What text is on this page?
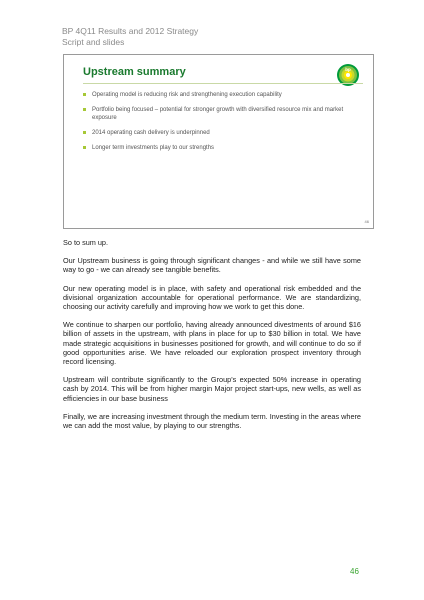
BP 4Q11 Results and 2012 Strategy
Script and slides
Upstream summary	bp
Operating model is reducing risk and strengthening execution capability
Portfolio being focused – potential for stronger growth with diversified resource mix and market exposure
2014 operating cash delivery is underpinned
Longer term investments play to our strengths
46

So to sum up.

Our Upstream business is going through significant changes - and while we still have some way to go - we can already see tangible benefits.

Our new operating model is in place, with safety and operational risk embedded and the divisional organization accountable for operational performance. We are standardizing, choosing our activity carefully and improving how we work to get this done.

We continue to sharpen our portfolio, having already announced divestments of around $16 billion of assets in the upstream, with plans in place for up to $30 billion in total. We have made strategic acquisitions in businesses positioned for growth, and will continue to do so if good opportunities arise. We have reloaded our exploration prospect inventory through record licensing.

Upstream will contribute significantly to the Group's expected 50% increase in operating cash by 2014. This will be from higher margin Major project start-ups, new wells, as well as efficiencies in our base business

Finally, we are increasing investment through the medium term. Investing in the areas where we can add the most value, by playing to our strengths.

46
